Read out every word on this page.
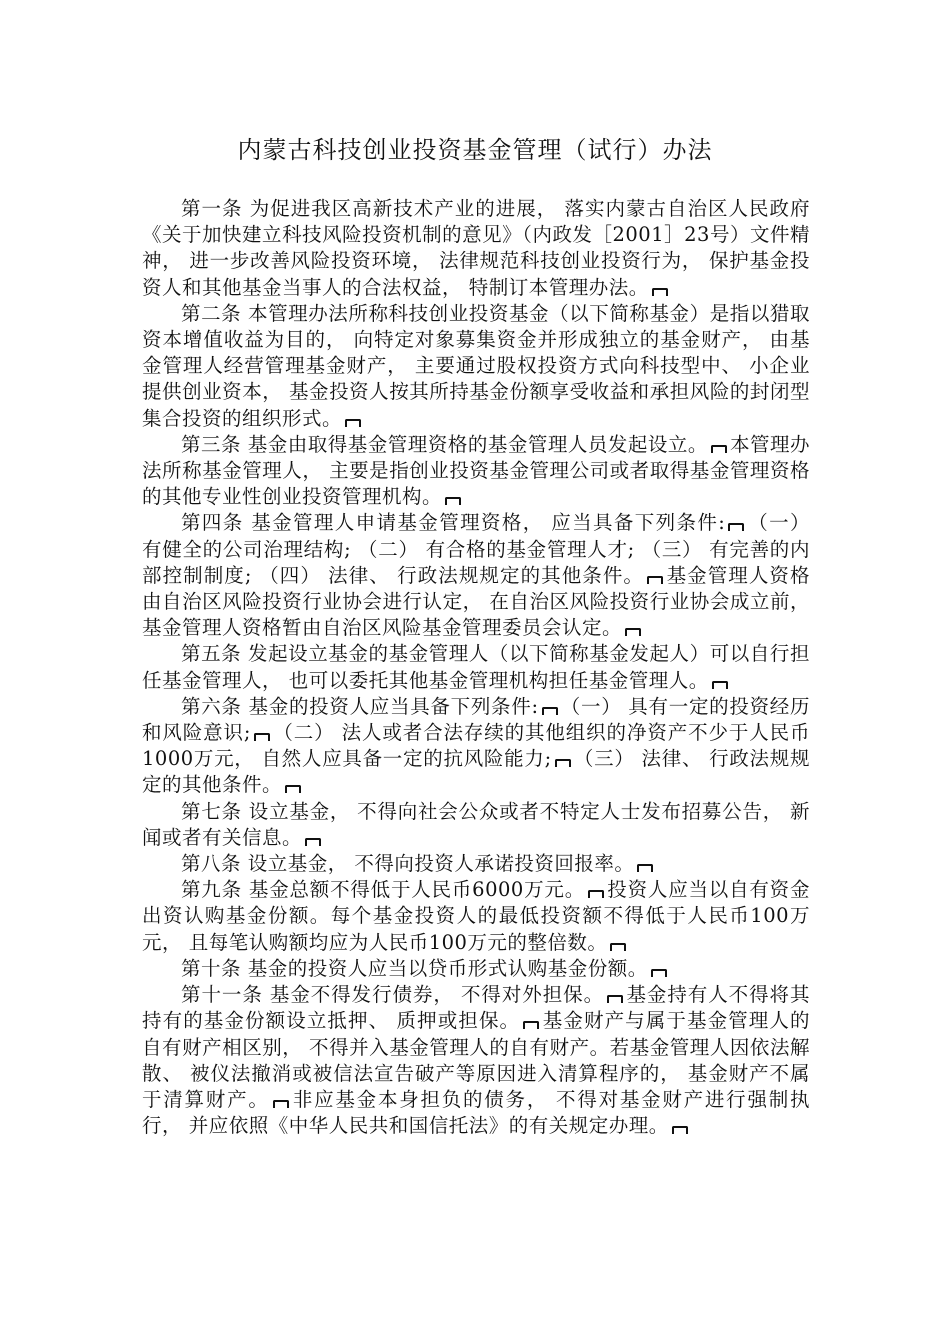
内蒙古科技创业投资基金管理（试行）办法

第一条 为促进我区高新技术产业的进展， 落实内蒙古自治区人民政府《关于加快建立科技风险投资机制的意见》（内政发［2001］23号）文件精神， 进一步改善风险投资环境， 法律规范科技创业投资行为， 保护基金投资人和其他基金当事人的合法权益， 特制订本管理办法。

第二条 本管理办法所称科技创业投资基金（以下简称基金）是指以猎取资本增值收益为目的， 向特定对象募集资金并形成独立的基金财产， 由基金管理人经营管理基金财产， 主要通过股权投资方式向科技型中、 小企业提供创业资本， 基金投资人按其所持基金份额享受收益和承担风险的封闭型集合投资的组织形式。

第三条 基金由取得基金管理资格的基金管理人员发起设立。 本管理办法所称基金管理人， 主要是指创业投资基金管理公司或者取得基金管理资格的其他专业性创业投资管理机构。

第四条 基金管理人申请基金管理资格， 应当具备下列条件: （一） 有健全的公司治理结构; （二） 有合格的基金管理人才; （三） 有完善的内部控制制度; （四） 法律、 行政法规规定的其他条件。 基金管理人资格由自治区风险投资行业协会进行认定， 在自治区风险投资行业协会成立前， 基金管理人资格暂由自治区风险基金管理委员会认定。

第五条 发起设立基金的基金管理人（以下简称基金发起人）可以自行担任基金管理人， 也可以委托其他基金管理机构担任基金管理人。

第六条 基金的投资人应当具备下列条件: （一） 具有一定的投资经历和风险意识; （二） 法人或者合法存续的其他组织的净资产不少于人民币1000万元， 自然人应具备一定的抗风险能力; （三） 法律、 行政法规规定的其他条件。

第七条 设立基金， 不得向社会公众或者不特定人士发布招募公告， 新闻或者有关信息。

第八条 设立基金， 不得向投资人承诺投资回报率。

第九条 基金总额不得低于人民币6000万元。 投资人应当以自有资金出资认购基金份额。每个基金投资人的最低投资额不得低于人民币100万元， 且每笔认购额均应为人民币100万元的整倍数。

第十条 基金的投资人应当以贷币形式认购基金份额。

第十一条 基金不得发行债券， 不得对外担保。 基金持有人不得将其持有的基金份额设立抵押、 质押或担保。 基金财产与属于基金管理人的自有财产相区别， 不得并入基金管理人的自有财产。若基金管理人因依法解散、 被仪法撤消或被信法宣告破产等原因进入清算程序的， 基金财产不属于清算财产。 非应基金本身担负的债务， 不得对基金财产进行强制执行， 并应依照《中华人民共和国信托法》的有关规定办理。
